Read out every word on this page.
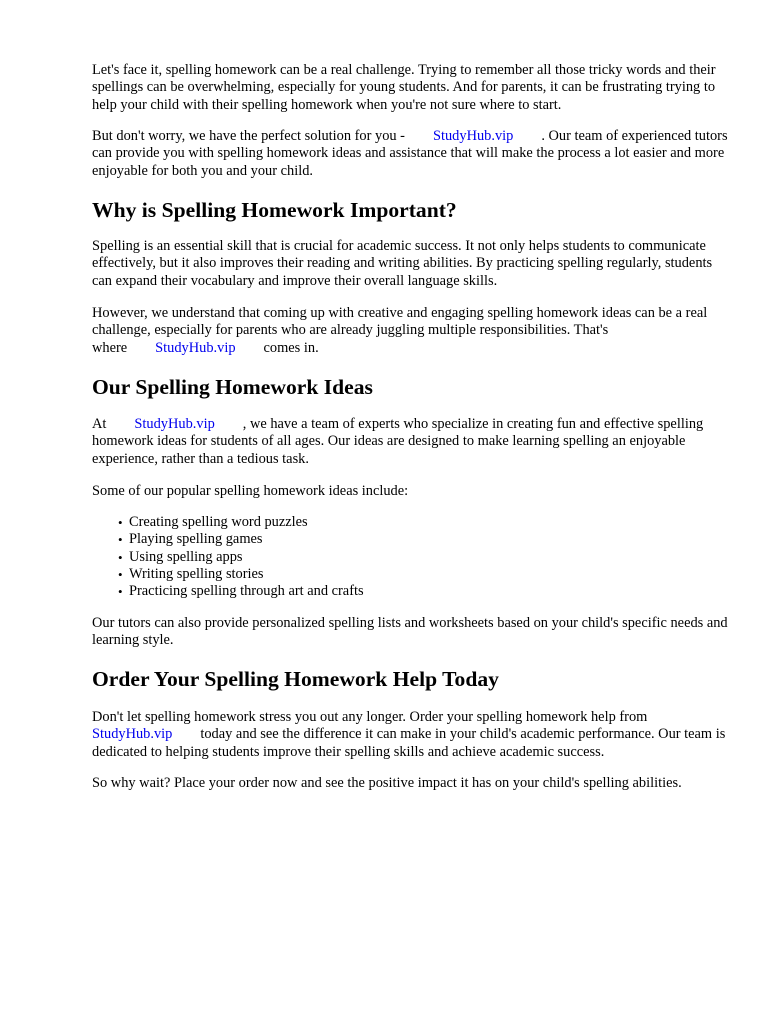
Let's face it, spelling homework can be a real challenge. Trying to remember all those tricky words and their spellings can be overwhelming, especially for young students. And for parents, it can be frustrating trying to help your child with their spelling homework when you're not sure where to start.

But don't worry, we have the perfect solution for you - StudyHub.vip . Our team of experienced tutors can provide you with spelling homework ideas and assistance that will make the process a lot easier and more enjoyable for both you and your child.

Why is Spelling Homework Important?

Spelling is an essential skill that is crucial for academic success. It not only helps students to communicate effectively, but it also improves their reading and writing abilities. By practicing spelling regularly, students can expand their vocabulary and improve their overall language skills.

However, we understand that coming up with creative and engaging spelling homework ideas can be a real challenge, especially for parents who are already juggling multiple responsibilities. That's where StudyHub.vip comes in.

Our Spelling Homework Ideas

At StudyHub.vip , we have a team of experts who specialize in creating fun and effective spelling homework ideas for students of all ages. Our ideas are designed to make learning spelling an enjoyable experience, rather than a tedious task.

Some of our popular spelling homework ideas include:

• Creating spelling word puzzles
• Playing spelling games
• Using spelling apps
• Writing spelling stories
• Practicing spelling through art and crafts

Our tutors can also provide personalized spelling lists and worksheets based on your child's specific needs and learning style.

Order Your Spelling Homework Help Today

Don't let spelling homework stress you out any longer. Order your spelling homework help from StudyHub.vip today and see the difference it can make in your child's academic performance. Our team is dedicated to helping students improve their spelling skills and achieve academic success.

So why wait? Place your order now and see the positive impact it has on your child's spelling abilities.
